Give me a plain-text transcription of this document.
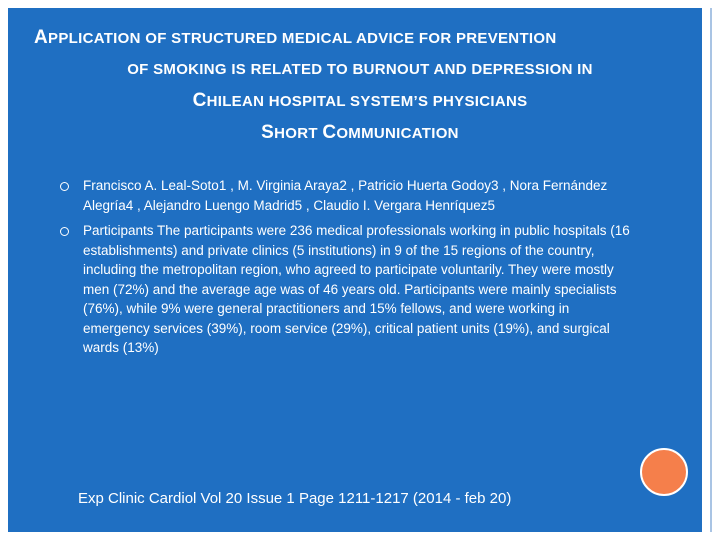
APPLICATION OF STRUCTURED MEDICAL ADVICE FOR PREVENTION
OF SMOKING IS RELATED TO BURNOUT AND DEPRESSION IN
CHILEAN HOSPITAL SYSTEM’S PHYSICIANS
SHORT COMMUNICATION
Francisco A. Leal-Soto1 , M. Virginia Araya2 , Patricio Huerta Godoy3 , Nora Fernández Alegría4 , Alejandro Luengo Madrid5 , Claudio I. Vergara Henríquez5
Participants The participants were 236 medical professionals working in public hospitals (16 establishments) and private clinics (5 institutions) in 9 of the 15 regions of the country, including the metropolitan region, who agreed to participate voluntarily. They were mostly men (72%) and the average age was of 46 years old. Participants were mainly specialists (76%), while 9% were general practitioners and 15% fellows, and were working in emergency services (39%), room service (29%), critical patient units (19%), and surgical wards (13%)
Exp Clinic Cardiol Vol 20 Issue 1 Page 1211-1217 (2014 - feb 20)
